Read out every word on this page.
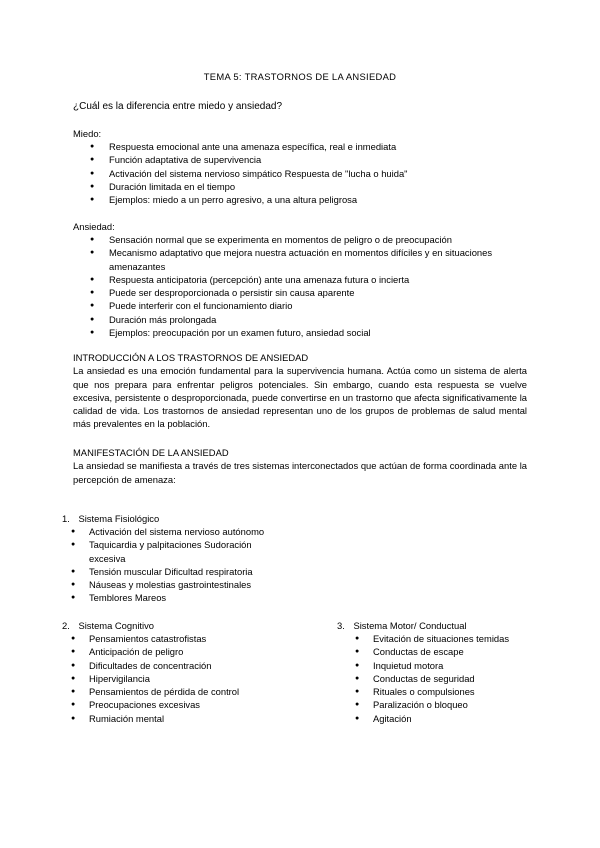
TEMA 5: TRASTORNOS DE LA ANSIEDAD
¿Cuál es la diferencia entre miedo y ansiedad?
Miedo:
● Respuesta emocional ante una amenaza específica, real e inmediata
● Función adaptativa de supervivencia
● Activación del sistema nervioso simpático Respuesta de "lucha o huida"
● Duración limitada en el tiempo
● Ejemplos: miedo a un perro agresivo, a una altura peligrosa
Ansiedad:
● Sensación normal que se experimenta en momentos de peligro o de preocupación
● Mecanismo adaptativo que mejora nuestra actuación en momentos difíciles y en situaciones amenazantes
● Respuesta anticipatoria (percepción) ante una amenaza futura o incierta
● Puede ser desproporcionada o persistir sin causa aparente
● Puede interferir con el funcionamiento diario
● Duración más prolongada
● Ejemplos: preocupación por un examen futuro, ansiedad social
INTRODUCCIÓN A LOS TRASTORNOS DE ANSIEDAD
La ansiedad es una emoción fundamental para la supervivencia humana. Actúa como un sistema de alerta que nos prepara para enfrentar peligros potenciales. Sin embargo, cuando esta respuesta se vuelve excesiva, persistente o desproporcionada, puede convertirse en un trastorno que afecta significativamente la calidad de vida. Los trastornos de ansiedad representan uno de los grupos de problemas de salud mental más prevalentes en la población.
MANIFESTACIÓN DE LA ANSIEDAD
La ansiedad se manifiesta a través de tres sistemas interconectados que actúan de forma coordinada ante la percepción de amenaza:
1. Sistema Fisiológico
● Activación del sistema nervioso autónomo
● Taquicardia y palpitaciones Sudoración excesiva
● Tensión muscular Dificultad respiratoria
● Náuseas y molestias gastrointestinales
● Temblores Mareos
2. Sistema Cognitivo
● Pensamientos catastrofistas
● Anticipación de peligro
● Dificultades de concentración
● Hipervigilancia
● Pensamientos de pérdida de control
● Preocupaciones excesivas
● Rumiación mental
3. Sistema Motor/ Conductual
● Evitación de situaciones temidas
● Conductas de escape
● Inquietud motora
● Conductas de seguridad
● Rituales o compulsiones
● Paralización o bloqueo
● Agitación
